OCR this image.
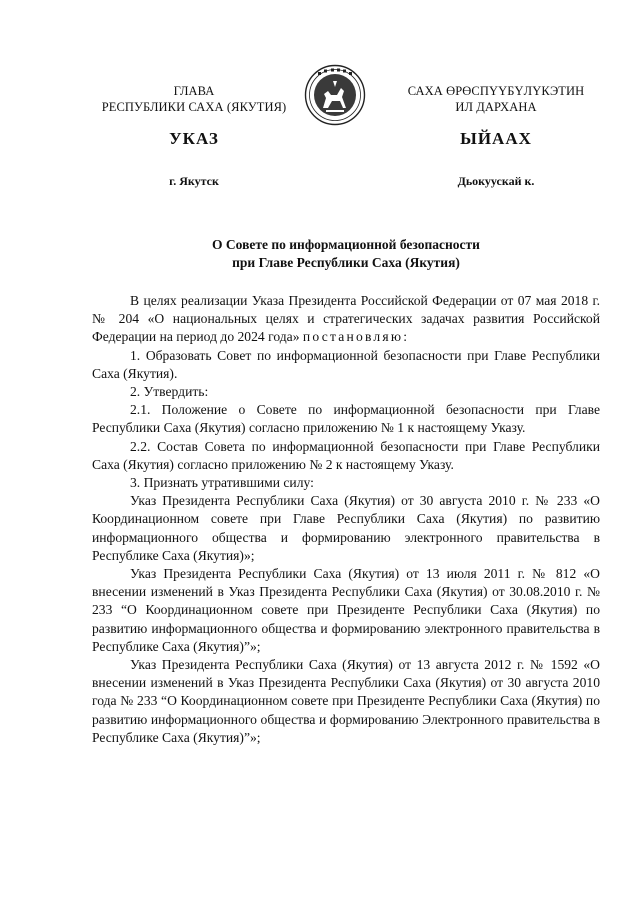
ГЛАВА
РЕСПУБЛИКИ САХА (ЯКУТИЯ)
САХА ӨРӨСПҮҮБҮЛҮКЭТИН
ИЛ ДАРХАНА
УКАЗ	ЫЙААХ
г. Якутск	Дьокуускай к.
О Совете по информационной безопасности
при Главе Республики Саха (Якутия)

В целях реализации Указа Президента Российской Федерации от 07 мая 2018 г. № 204 «О национальных целях и стратегических задачах развития Российской Федерации на период до 2024 года» постановляю:

1. Образовать Совет по информационной безопасности при Главе Республики Саха (Якутия).

2. Утвердить:

2.1. Положение о Совете по информационной безопасности при Главе Республики Саха (Якутия) согласно приложению № 1 к настоящему Указу.

2.2. Состав Совета по информационной безопасности при Главе Республики Саха (Якутия) согласно приложению № 2 к настоящему Указу.

3. Признать утратившими силу:

Указ Президента Республики Саха (Якутия) от 30 августа 2010 г. № 233 «О Координационном совете при Главе Республики Саха (Якутия) по развитию информационного общества и формированию электронного правительства в Республике Саха (Якутия)»;

Указ Президента Республики Саха (Якутия) от 13 июля 2011 г. № 812 «О внесении изменений в Указ Президента Республики Саха (Якутия) от 30.08.2010 г. № 233 “О Координационном совете при Президенте Республики Саха (Якутия) по развитию информационного общества и формированию электронного правительства в Республике Саха (Якутия)”»;

Указ Президента Республики Саха (Якутия) от 13 августа 2012 г. № 1592 «О внесении изменений в Указ Президента Республики Саха (Якутия) от 30 августа 2010 года № 233 “О Координационном совете при Президенте Республики Саха (Якутия) по развитию информационного общества и формированию Электронного правительства в Республике Саха (Якутия)”»;
